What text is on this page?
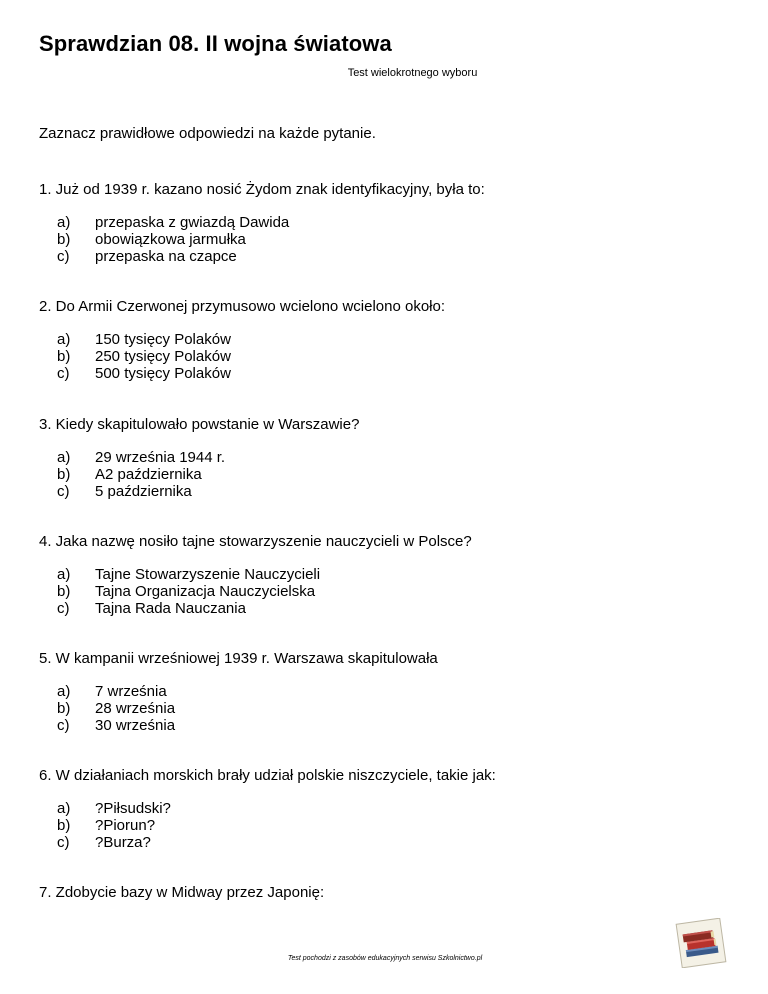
Sprawdzian 08. II wojna światowa
Test wielokrotnego wyboru
Zaznacz prawidłowe odpowiedzi na każde pytanie.
1. Już od 1939 r. kazano nosić Żydom znak identyfikacyjny, była to:
a)	przepaska z gwiazdą Dawida
b)	obowiązkowa jarmułka
c)	przepaska na czapce
2. Do Armii Czerwonej przymusowo wcielono wcielono około:
a)	150 tysięcy Polaków
b)	250 tysięcy Polaków
c)	500 tysięcy Polaków
3. Kiedy skapitulowało powstanie w Warszawie?
a)	29 września 1944 r.
b)	A2 października
c)	5 października
4. Jaka nazwę nosiło tajne stowarzyszenie nauczycieli w Polsce?
a)	Tajne Stowarzyszenie Nauczycieli
b)	Tajna Organizacja Nauczycielska
c)	Tajna Rada Nauczania
5. W kampanii wrześniowej 1939 r. Warszawa skapitulowała
a)	7 września
b)	28 września
c)	30 września
6. W działaniach morskich brały udział polskie niszczyciele, takie jak:
a)	?Piłsudski?
b)	?Piorun?
c)	?Burza?
7. Zdobycie bazy w Midway przez Japonię:
Test pochodzi z zasobów edukacyjnych serwisu Szkolnictwo.pl
